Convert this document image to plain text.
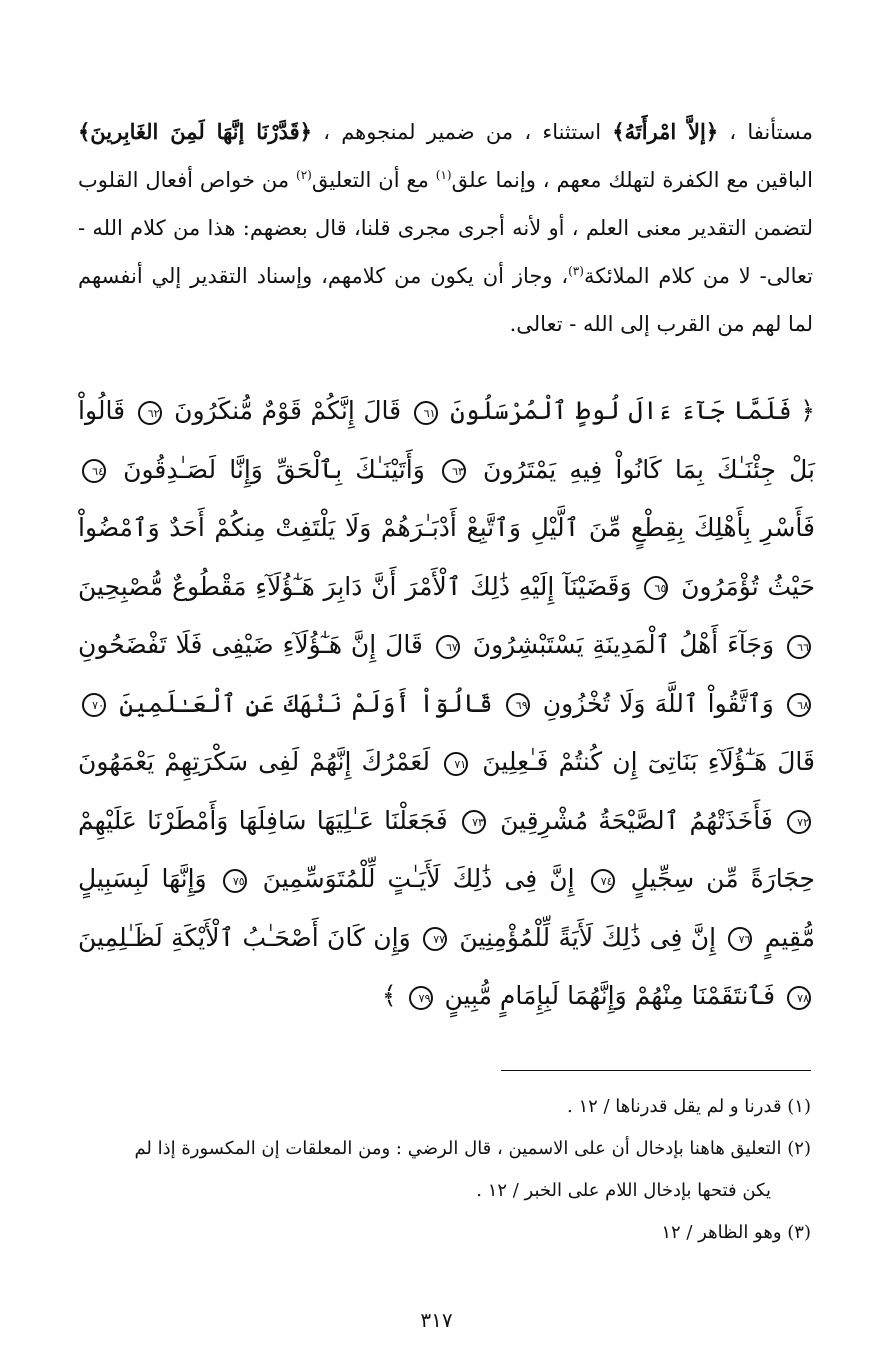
مستأنفا ، ﴿إلاَّ امْرأَتَهُ﴾ استثناء ، من ضمير لمنجوهم ، ﴿قَدَّرْنَا إنَّهَا لَمِنَ الغَابِرينَ﴾ الباقين مع الكفرة لتهلك معهم ، وإنما علق$^{(١)}$ مع أن التعليق$^{(٢)}$ من خواص أفعال القلوب لتضمن التقدير معنى العلم ، أو لأنه أجرى مجرى قلنا، قال بعضهم: هذا من كلام الله - تعالى- لا من كلام الملائكة$^{(٣)}$، وجاز أن يكون من كلامهم، وإسناد التقدير إلي أنفسهم لما لهم من القرب إلى الله - تعالى.
﴿ فَلَمَّا جَآءَ ءَالَ لُوطٍ ٱلْمُرْسَلُونَ ٦١ قَالَ إِنَّكُمْ قَوْمٌ مُّنكَرُونَ ٦٢ قَالُواْ بَلْ جِئْنَـٰكَ بِمَا كَانُواْ فِيهِ يَمْتَرُونَ ٦٣ وَأَتَيْنَـٰكَ بِٱلْحَقِّ وَإِنَّا لَصَـٰدِقُونَ ٦٤ فَأَسْرِ بِأَهْلِكَ بِقِطْعٍ مِّنَ ٱلَّيْلِ وَٱتَّبِعْ أَدْبَـٰرَهُمْ وَلَا يَلْتَفِتْ مِنكُمْ أَحَدٌ وَٱمْضُواْ حَيْثُ تُؤْمَرُونَ ٦٥ وَقَضَيْنَآ إِلَيْهِ ذَٰلِكَ ٱلْأَمْرَ أَنَّ دَابِرَ هَـٰٓؤُلَآءِ مَقْطُوعٌ مُّصْبِحِينَ ٦٦ وَجَآءَ أَهْلُ ٱلْمَدِينَةِ يَسْتَبْشِرُونَ ٦٧ قَالَ إِنَّ هَـٰٓؤُلَآءِ ضَيْفِى فَلَا تَفْضَحُونِ ٦٨ وَٱتَّقُواْ ٱللَّهَ وَلَا تُخْزُونِ ٦٩ قَالُوٓاْ أَوَلَمْ نَنْهَكَ عَنِ ٱلْعَـٰلَمِينَ ٧٠ قَالَ هَـٰٓؤُلَآءِ بَنَاتِىٓ إِن كُنتُمْ فَـٰعِلِينَ ٧١ لَعَمْرُكَ إِنَّهُمْ لَفِى سَكْرَتِهِمْ يَعْمَهُونَ ٧٢ فَأَخَذَتْهُمُ ٱلصَّيْحَةُ مُشْرِقِينَ ٧٣ فَجَعَلْنَا عَـٰلِيَهَا سَافِلَهَا وَأَمْطَرْنَا عَلَيْهِمْ حِجَارَةً مِّن سِجِّيلٍ ٧٤ إِنَّ فِى ذَٰلِكَ لَأَيَـٰتٍ لِّلْمُتَوَسِّمِينَ ٧٥ وَإِنَّهَا لَبِسَبِيلٍ مُّقِيمٍ ٧٦ إِنَّ فِى ذَٰلِكَ لَأَيَةً لِّلْمُؤْمِنِينَ ٧٧ وَإِن كَانَ أَصْحَـٰبُ ٱلْأَيْكَةِ لَظَـٰلِمِينَ ٧٨ فَٱنتَقَمْنَا مِنْهُمْ وَإِنَّهُمَا لَبِإِمَامٍ مُّبِينٍ ٧٩ ﴾

(١) قدرنا و لم يقل قدرناها / ١٢ .

(٢) التعليق هاهنا بإدخال أن على الاسمين ، قال الرضي : ومن المعلقات إن المكسورة إذا لم

يكن فتحها بإدخال اللام على الخبر / ١٢ .

(٣) وهو الظاهر / ١٢

٣١٧
